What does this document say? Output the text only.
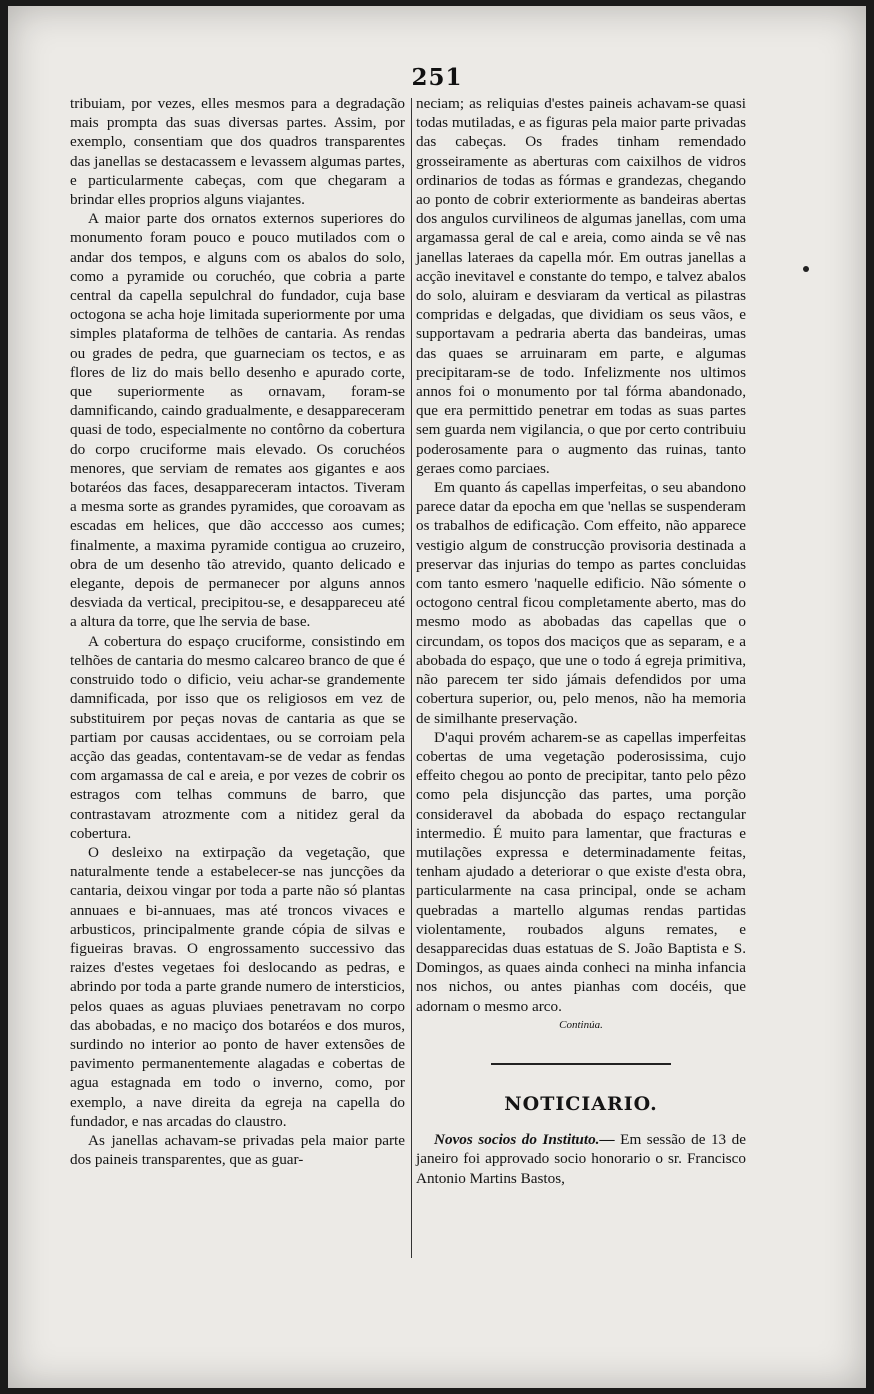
251

tribuiam, por vezes, elles mesmos para a degradação mais prompta das suas diversas partes. Assim, por exemplo, consentiam que dos quadros transparentes das janellas se destacassem e levassem algumas partes, e particularmente cabeças, com que chegaram a brindar elles proprios alguns viajantes.

A maior parte dos ornatos externos superiores do monumento foram pouco e pouco mutilados com o andar dos tempos, e alguns com os abalos do solo, como a pyramide ou coruchéo, que cobria a parte central da capella sepulchral do fundador, cuja base octogona se acha hoje limitada superiormente por uma simples plataforma de telhões de cantaria. As rendas ou grades de pedra, que guarneciam os tectos, e as flores de liz do mais bello desenho e apurado corte, que superiormente as ornavam, foram-se damnificando, caindo gradualmente, e desappareceram quasi de todo, especialmente no contôrno da cobertura do corpo cruciforme mais elevado. Os coruchéos menores, que serviam de remates aos gigantes e aos botaréos das faces, desappareceram intactos. Tiveram a mesma sorte as grandes pyramides, que coroavam as escadas em helices, que dão acccesso aos cumes; finalmente, a maxima pyramide contigua ao cruzeiro, obra de um desenho tão atrevido, quanto delicado e elegante, depois de permanecer por alguns annos desviada da vertical, precipitou-se, e desappareceu até a altura da torre, que lhe servia de base.

A cobertura do espaço cruciforme, consistindo em telhões de cantaria do mesmo calcareo branco de que é construido todo o dificio, veiu achar-se grandemente damnificada, por isso que os religiosos em vez de substituirem por peças novas de cantaria as que se partiam por causas accidentaes, ou se corroiam pela acção das geadas, contentavam-se de vedar as fendas com argamassa de cal e areia, e por vezes de cobrir os estragos com telhas communs de barro, que contrastavam atrozmente com a nitidez geral da cobertura.

O desleixo na extirpação da vegetação, que naturalmente tende a estabelecer-se nas juncções da cantaria, deixou vingar por toda a parte não só plantas annuaes e bi-annuaes, mas até troncos vivaces e arbusticos, principalmente grande cópia de silvas e figueiras bravas. O engrossamento successivo das raizes d'estes vegetaes foi deslocando as pedras, e abrindo por toda a parte grande numero de intersticios, pelos quaes as aguas pluviaes penetravam no corpo das abobadas, e no maciço dos botaréos e dos muros, surdindo no interior ao ponto de haver extensões de pavimento permanentemente alagadas e cobertas de agua estagnada em todo o inverno, como, por exemplo, a nave direita da egreja na capella do fundador, e nas arcadas do claustro.

As janellas achavam-se privadas pela maior parte dos paineis transparentes, que as guar-

neciam; as reliquias d'estes paineis achavam-se quasi todas mutiladas, e as figuras pela maior parte privadas das cabeças. Os frades tinham remendado grosseiramente as aberturas com caixilhos de vidros ordinarios de todas as fórmas e grandezas, chegando ao ponto de cobrir exteriormente as bandeiras abertas dos angulos curvilineos de algumas janellas, com uma argamassa geral de cal e areia, como ainda se vê nas janellas lateraes da capella mór. Em outras janellas a acção inevitavel e constante do tempo, e talvez abalos do solo, aluiram e desviaram da vertical as pilastras compridas e delgadas, que dividiam os seus vãos, e supportavam a pedraria aberta das bandeiras, umas das quaes se arruinaram em parte, e algumas precipitaram-se de todo. Infelizmente nos ultimos annos foi o monumento por tal fórma abandonado, que era permittido penetrar em todas as suas partes sem guarda nem vigilancia, o que por certo contribuiu poderosamente para o augmento das ruinas, tanto geraes como parciaes.

Em quanto ás capellas imperfeitas, o seu abandono parece datar da epocha em que 'nellas se suspenderam os trabalhos de edificação. Com effeito, não apparece vestigio algum de construcção provisoria destinada a preservar das injurias do tempo as partes concluidas com tanto esmero 'naquelle edificio. Não sómente o octogono central ficou completamente aberto, mas do mesmo modo as abobadas das capellas que o circundam, os topos dos maciços que as separam, e a abobada do espaço, que une o todo á egreja primitiva, não parecem ter sido jámais defendidos por uma cobertura superior, ou, pelo menos, não ha memoria de similhante preservação.

D'aqui provém acharem-se as capellas imperfeitas cobertas de uma vegetação poderosissima, cujo effeito chegou ao ponto de precipitar, tanto pelo pêzo como pela disjuncção das partes, uma porção consideravel da abobada do espaço rectangular intermedio. É muito para lamentar, que fracturas e mutilações expressa e determinadamente feitas, tenham ajudado a deteriorar o que existe d'esta obra, particularmente na casa principal, onde se acham quebradas a martello algumas rendas partidas violentamente, roubados alguns remates, e desapparecidas duas estatuas de S. João Baptista e S. Domingos, as quaes ainda conheci na minha infancia nos nichos, ou antes pianhas com docéis, que adornam o mesmo arco.

Continúa.

NOTICIARIO.

Novos socios do Instituto.— Em sessão de 13 de janeiro foi approvado socio honorario o sr. Francisco Antonio Martins Bastos,
